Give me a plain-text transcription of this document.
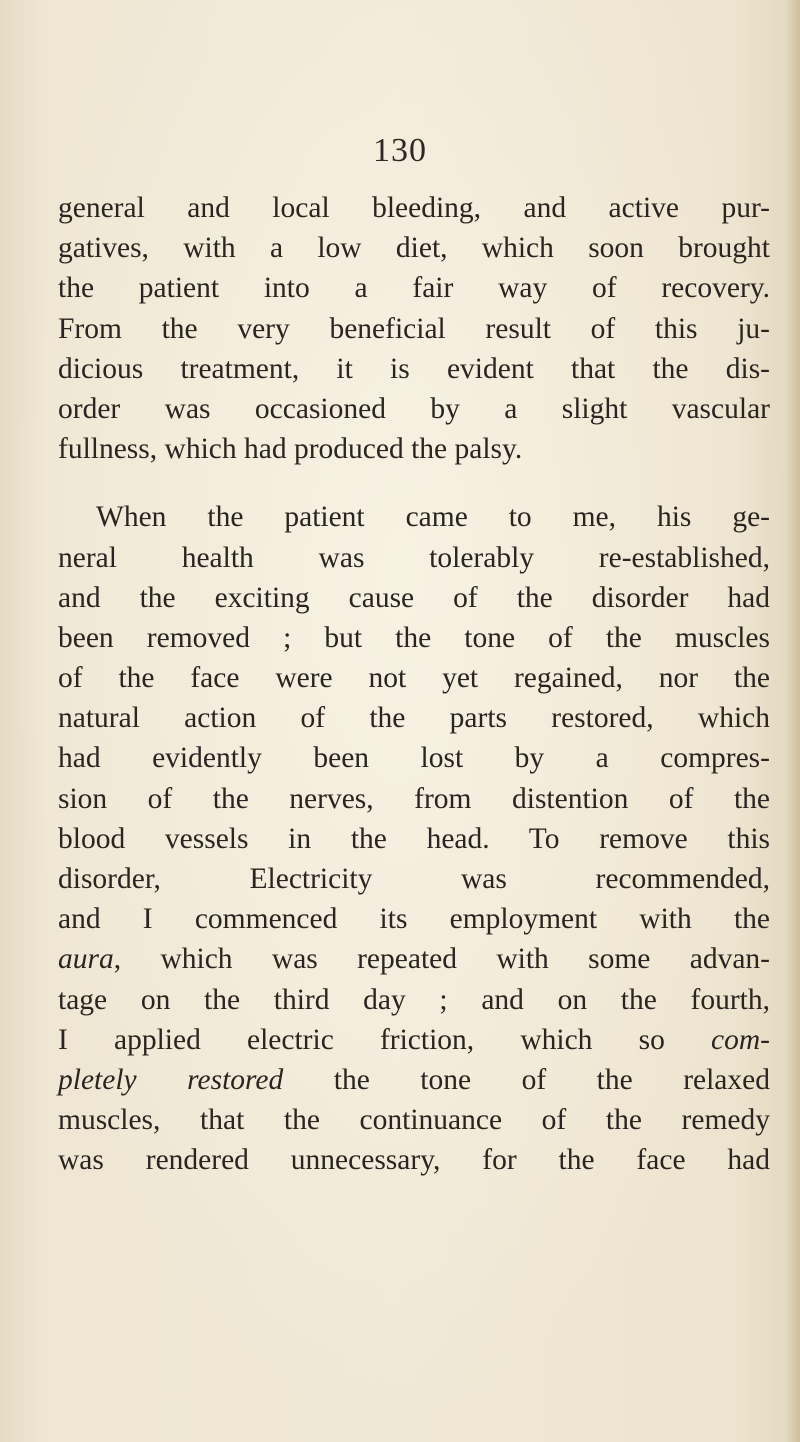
130
general and local bleeding, and active pur-
gatives, with a low diet, which soon brought
the patient into a fair way of recovery.
From the very beneficial result of this ju-
dicious treatment, it is evident that the dis-
order was occasioned by a slight vascular
fullness, which had produced the palsy.
When the patient came to me, his ge-
neral health was tolerably re-established,
and the exciting cause of the disorder had
been removed ; but the tone of the muscles
of the face were not yet regained, nor the
natural action of the parts restored, which
had evidently been lost by a compres-
sion of the nerves, from distention of the
blood vessels in the head. To remove this
disorder, Electricity was recommended,
and I commenced its employment with the
aura, which was repeated with some advan-
tage on the third day ; and on the fourth,
I applied electric friction, which so com-
pletely restored the tone of the relaxed
muscles, that the continuance of the remedy
was rendered unnecessary, for the face had
